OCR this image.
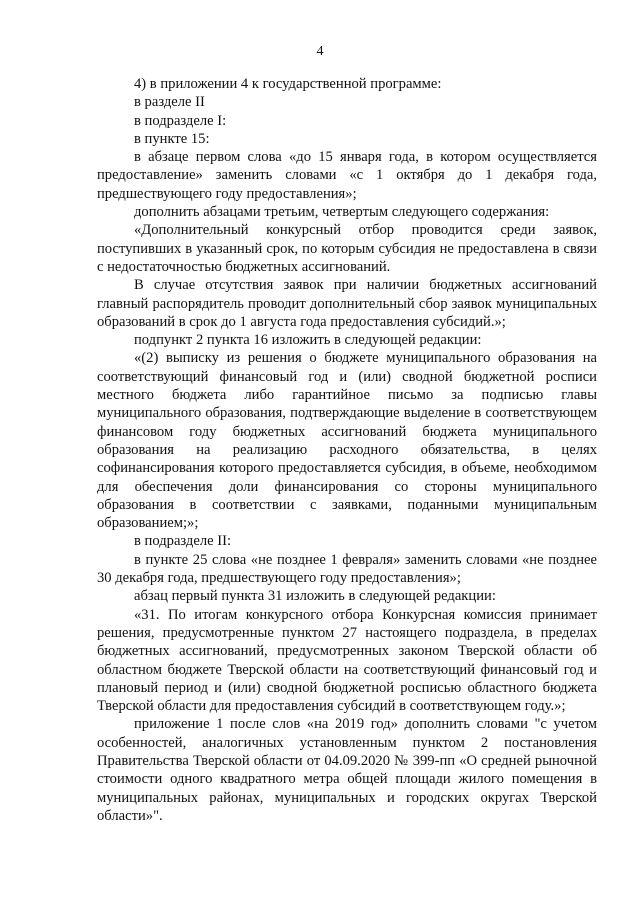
4

4) в приложении 4 к государственной программе:

в разделе II

в подразделе I:

в пункте 15:

в абзаце первом слова «до 15 января года, в котором осуществляется предоставление» заменить словами «с 1 октября до 1 декабря года, предшествующего году предоставления»;

дополнить абзацами третьим, четвертым следующего содержания:

«Дополнительный конкурсный отбор проводится среди заявок, поступивших в указанный срок, по которым субсидия не предоставлена в связи с недостаточностью бюджетных ассигнований.

В случае отсутствия заявок при наличии бюджетных ассигнований главный распорядитель проводит дополнительный сбор заявок муниципальных образований в срок до 1 августа года предоставления субсидий.»;

подпункт 2 пункта 16 изложить в следующей редакции:

«(2) выписку из решения о бюджете муниципального образования на соответствующий финансовый год и (или) сводной бюджетной росписи местного бюджета либо гарантийное письмо за подписью главы муниципального образования, подтверждающие выделение в соответствующем финансовом году бюджетных ассигнований бюджета муниципального образования на реализацию расходного обязательства, в целях софинансирования которого предоставляется субсидия, в объеме, необходимом для обеспечения доли финансирования со стороны муниципального образования в соответствии с заявками, поданными муниципальным образованием;»;

в подразделе II:

в пункте 25 слова «не позднее 1 февраля» заменить словами «не позднее 30 декабря года, предшествующего году предоставления»;

абзац первый пункта 31 изложить в следующей редакции:

«31. По итогам конкурсного отбора Конкурсная комиссия принимает решения, предусмотренные пунктом 27 настоящего подраздела, в пределах бюджетных ассигнований, предусмотренных законом Тверской области об областном бюджете Тверской области на соответствующий финансовый год и плановый период и (или) сводной бюджетной росписью областного бюджета Тверской области для предоставления субсидий в соответствующем году.»;

приложение 1 после слов «на 2019 год» дополнить словами "с учетом особенностей, аналогичных установленным пунктом 2 постановления Правительства Тверской области от 04.09.2020 № 399-пп «О средней рыночной стоимости одного квадратного метра общей площади жилого помещения в муниципальных районах, муниципальных и городских округах Тверской области»".
